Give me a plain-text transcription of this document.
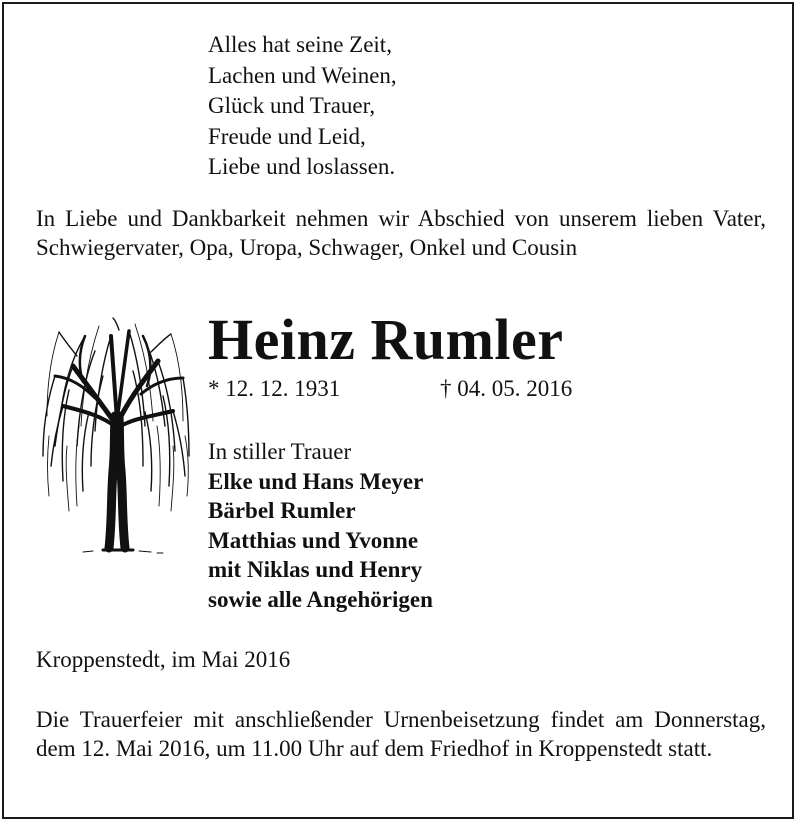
Alles hat seine Zeit,
Lachen und Weinen,
Glück und Trauer,
Freude und Leid,
Liebe und loslassen.
In Liebe und Dankbarkeit nehmen wir Abschied von unserem lieben Vater, Schwiegervater, Opa, Uropa, Schwager, Onkel und Cousin
Heinz Rumler
* 12. 12. 1931	† 04. 05. 2016
In stiller Trauer
Elke und Hans Meyer
Bärbel Rumler
Matthias und Yvonne
mit Niklas und Henry
sowie alle Angehörigen
Kroppenstedt, im Mai 2016
Die Trauerfeier mit anschließender Urnenbeisetzung findet am Donnerstag, dem 12. Mai 2016, um 11.00 Uhr auf dem Friedhof in Kroppenstedt statt.
